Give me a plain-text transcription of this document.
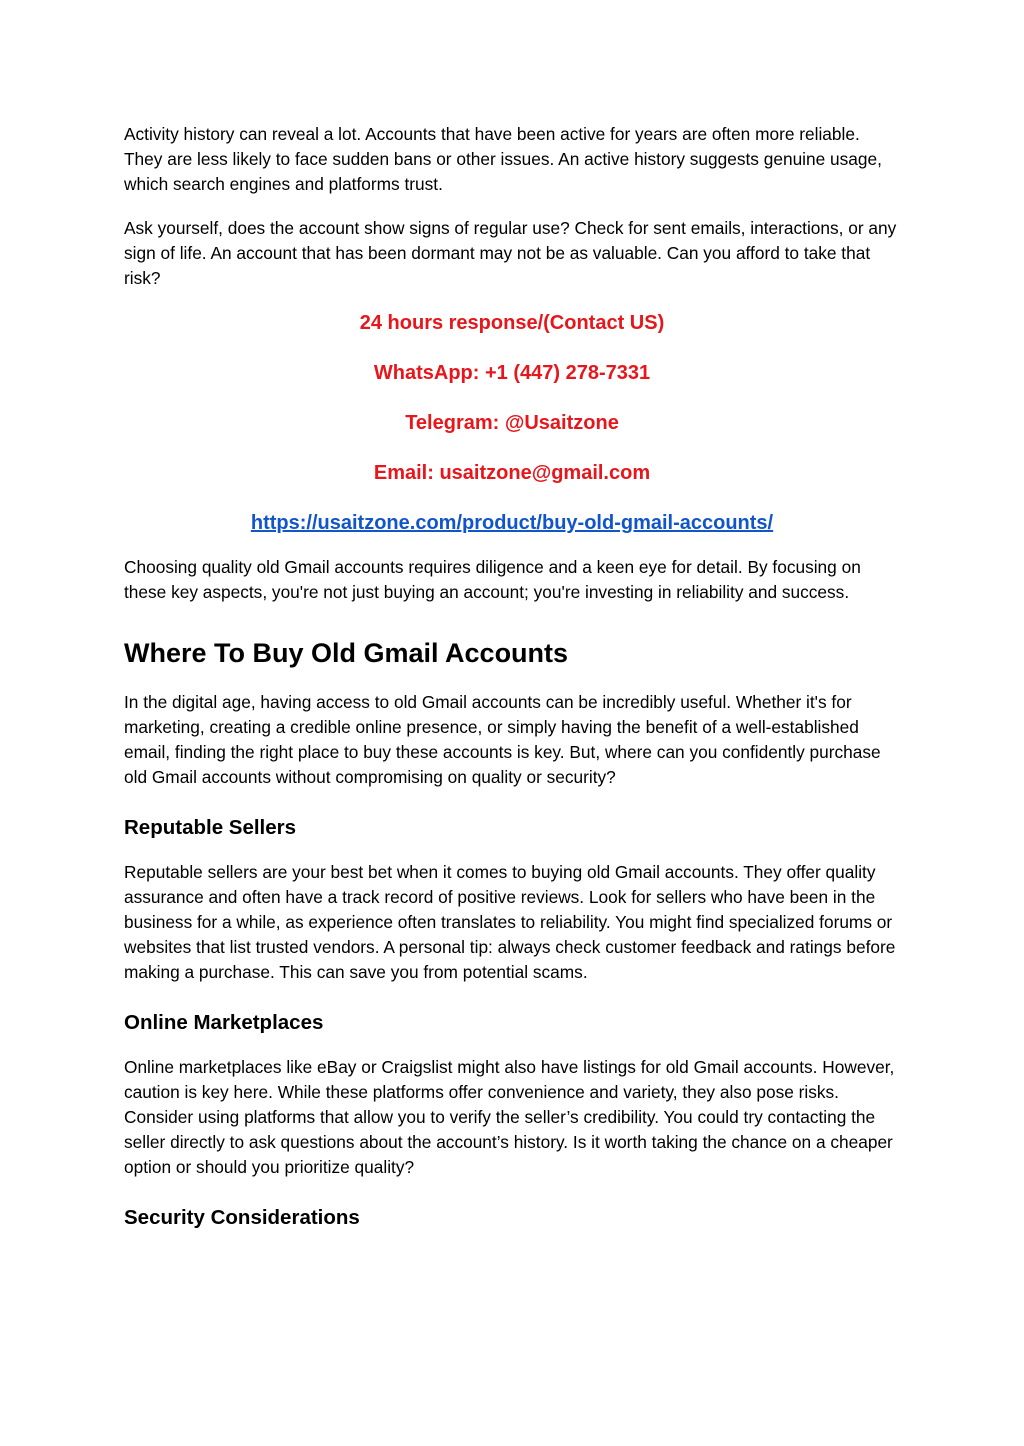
Activity history can reveal a lot. Accounts that have been active for years are often more reliable. They are less likely to face sudden bans or other issues. An active history suggests genuine usage, which search engines and platforms trust.

Ask yourself, does the account show signs of regular use? Check for sent emails, interactions, or any sign of life. An account that has been dormant may not be as valuable. Can you afford to take that risk?

24 hours response/(Contact US)

WhatsApp: +1 (447) 278-7331

Telegram: @Usaitzone

Email: usaitzone@gmail.com

https://usaitzone.com/product/buy-old-gmail-accounts/

Choosing quality old Gmail accounts requires diligence and a keen eye for detail. By focusing on these key aspects, you're not just buying an account; you're investing in reliability and success.

Where To Buy Old Gmail Accounts

In the digital age, having access to old Gmail accounts can be incredibly useful. Whether it's for marketing, creating a credible online presence, or simply having the benefit of a well-established email, finding the right place to buy these accounts is key. But, where can you confidently purchase old Gmail accounts without compromising on quality or security?

Reputable Sellers

Reputable sellers are your best bet when it comes to buying old Gmail accounts. They offer quality assurance and often have a track record of positive reviews. Look for sellers who have been in the business for a while, as experience often translates to reliability. You might find specialized forums or websites that list trusted vendors. A personal tip: always check customer feedback and ratings before making a purchase. This can save you from potential scams.

Online Marketplaces

Online marketplaces like eBay or Craigslist might also have listings for old Gmail accounts. However, caution is key here. While these platforms offer convenience and variety, they also pose risks. Consider using platforms that allow you to verify the seller’s credibility. You could try contacting the seller directly to ask questions about the account’s history. Is it worth taking the chance on a cheaper option or should you prioritize quality?

Security Considerations
